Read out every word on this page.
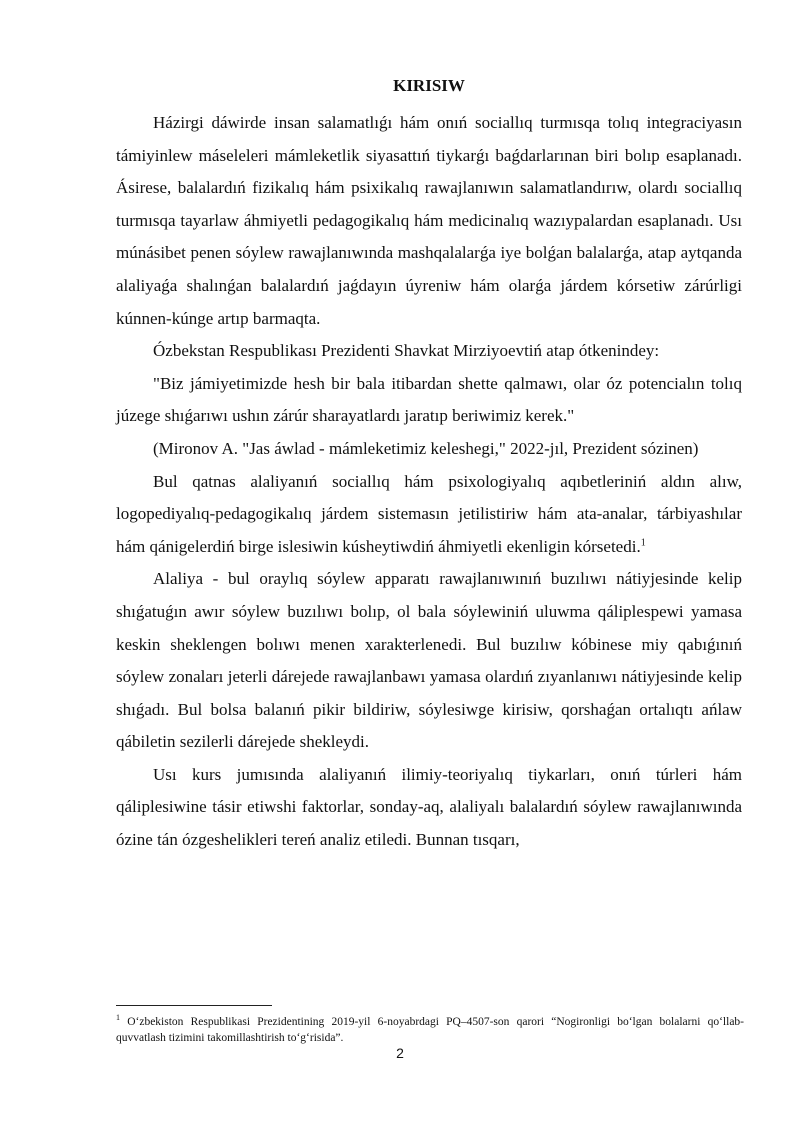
KIRISIW

Házirgi dáwirde insan salamatlıǵı hám onıń sociallıq turmısqa tolıq integraciyasın támiyinlew máseleleri mámleketlik siyasattıń tiykarǵı baǵdarlarınan biri bolıp esaplanadı. Ásirese, balalardıń fizikalıq hám psixikalıq rawajlanıwın salamatlandırıw, olardı sociallıq turmısqa tayarlaw áhmiyetli pedagogikalıq hám medicinalıq wazıypalardan esaplanadı. Usı múnásibet penen sóylew rawajlanıwında mashqalalarǵa iye bolǵan balalarǵa, atap aytqanda alaliyaǵa shalınǵan balalardıń jaǵdayın úyreniw hám olarǵa járdem kórsetiw zárúrligi kúnnen-kúnge artıp barmaqta.

Ózbekstan Respublikası Prezidenti Shavkat Mirziyoevtiń atap ótkenindey:

"Biz jámiyetimizde hesh bir bala itibardan shette qalmawı, olar óz potencialın tolıq júzege shıǵarıwı ushın zárúr sharayatlardı jaratıp beriwimiz kerek."

(Mironov A. "Jas áwlad - mámleketimiz keleshegi," 2022-jıl, Prezident sózinen)

Bul qatnas alaliyanıń sociallıq hám psixologiyalıq aqıbetleriniń aldın alıw, logopediyalıq-pedagogikalıq járdem sistemasın jetilistiriw hám ata-analar, tárbiyashılar hám qánigelerdiń birge islesiwin kúsheytiwdiń áhmiyetli ekenligin kórsetedi.$^1$

Alaliya - bul oraylıq sóylew apparatı rawajlanıwınıń buzılıwı nátiyjesinde kelip shıǵatuǵın awır sóylew buzılıwı bolıp, ol bala sóylewiniń uluwma qáliplespewi yamasa keskin sheklengen bolıwı menen xarakterlenedi. Bul buzılıw kóbinese miy qabıǵınıń sóylew zonaları jeterli dárejede rawajlanbawı yamasa olardıń zıyanlanıwı nátiyjesinde kelip shıǵadı. Bul bolsa balanıń pikir bildiriw, sóylesiwge kirisiw, qorshaǵan ortalıqtı ańlaw qábiletin sezilerli dárejede shekleydi.

Usı kurs jumısında alaliyanıń ilimiy-teoriyalıq tiykarları, onıń túrleri hám qáliplesiwine tásir etiwshi faktorlar, sonday-aq, alaliyalı balalardıń sóylew rawajlanıwında ózine tán ózgeshelikleri tereń analiz etiledi. Bunnan tısqarı,

$^1$ O‘zbekiston Respublikasi Prezidentining 2019-yil 6-noyabrdagi PQ–4507-son qarori “Nogironligi bo‘lgan bolalarni qo‘llab-quvvatlash tizimini takomillashtirish to‘g‘risida”.
2
